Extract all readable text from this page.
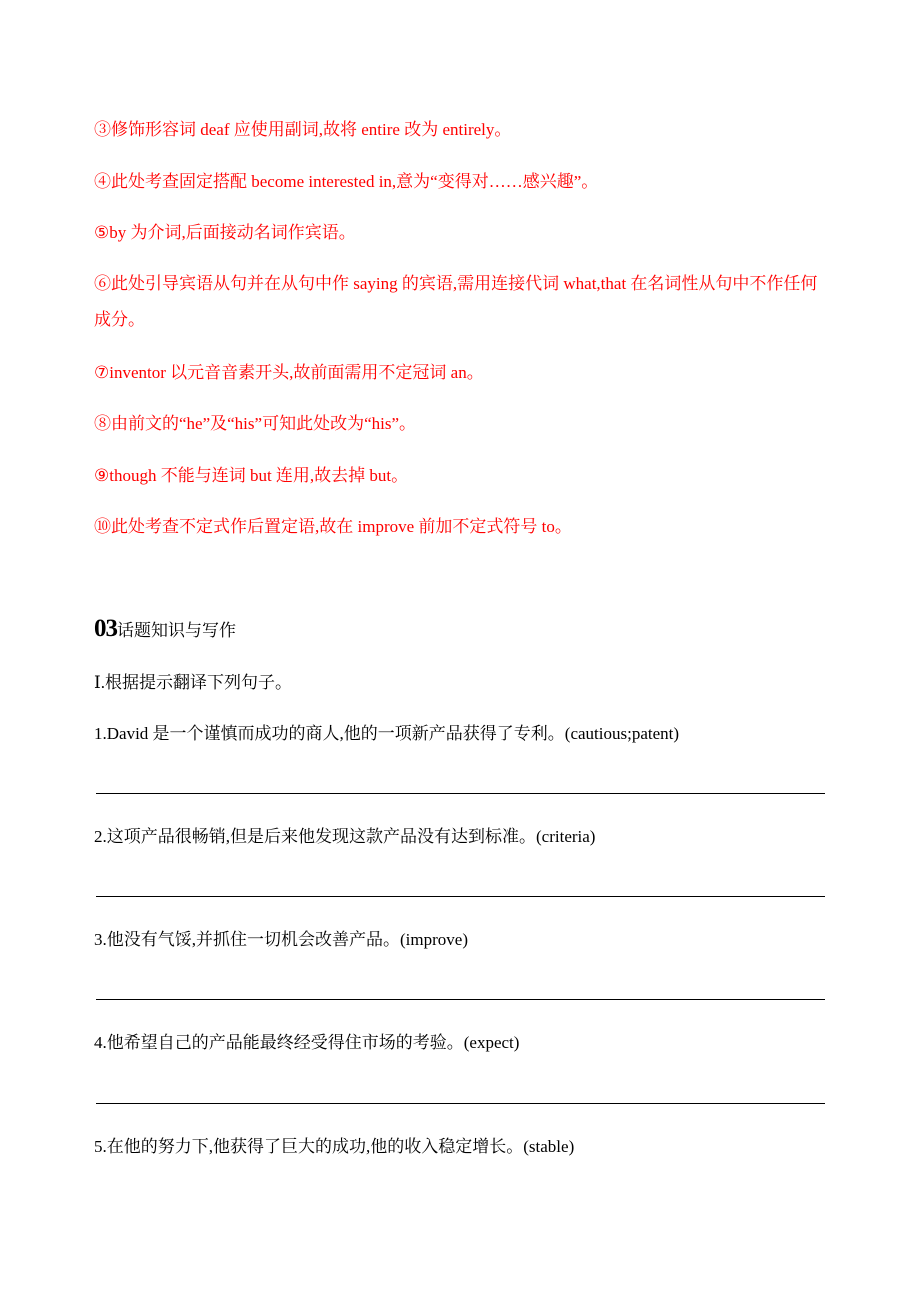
③修饰形容词 deaf 应使用副词,故将 entire 改为 entirely。

④此处考查固定搭配 become interested in,意为“变得对……感兴趣”。

⑤by 为介词,后面接动名词作宾语。

⑥此处引导宾语从句并在从句中作 saying 的宾语,需用连接代词 what,that 在名词性从句中不作任何成分。

⑦inventor 以元音音素开头,故前面需用不定冠词 an。

⑧由前文的“he”及“his”可知此处改为“his”。

⑨though 不能与连词 but 连用,故去掉 but。

⑩此处考查不定式作后置定语,故在 improve 前加不定式符号 to。

03话题知识与写作

Ⅰ.根据提示翻译下列句子。

1.David 是一个谨慎而成功的商人,他的一项新产品获得了专利。(cautious;patent)

2.这项产品很畅销,但是后来他发现这款产品没有达到标准。(criteria)

3.他没有气馁,并抓住一切机会改善产品。(improve)

4.他希望自己的产品能最终经受得住市场的考验。(expect)

5.在他的努力下,他获得了巨大的成功,他的收入稳定增长。(stable)
